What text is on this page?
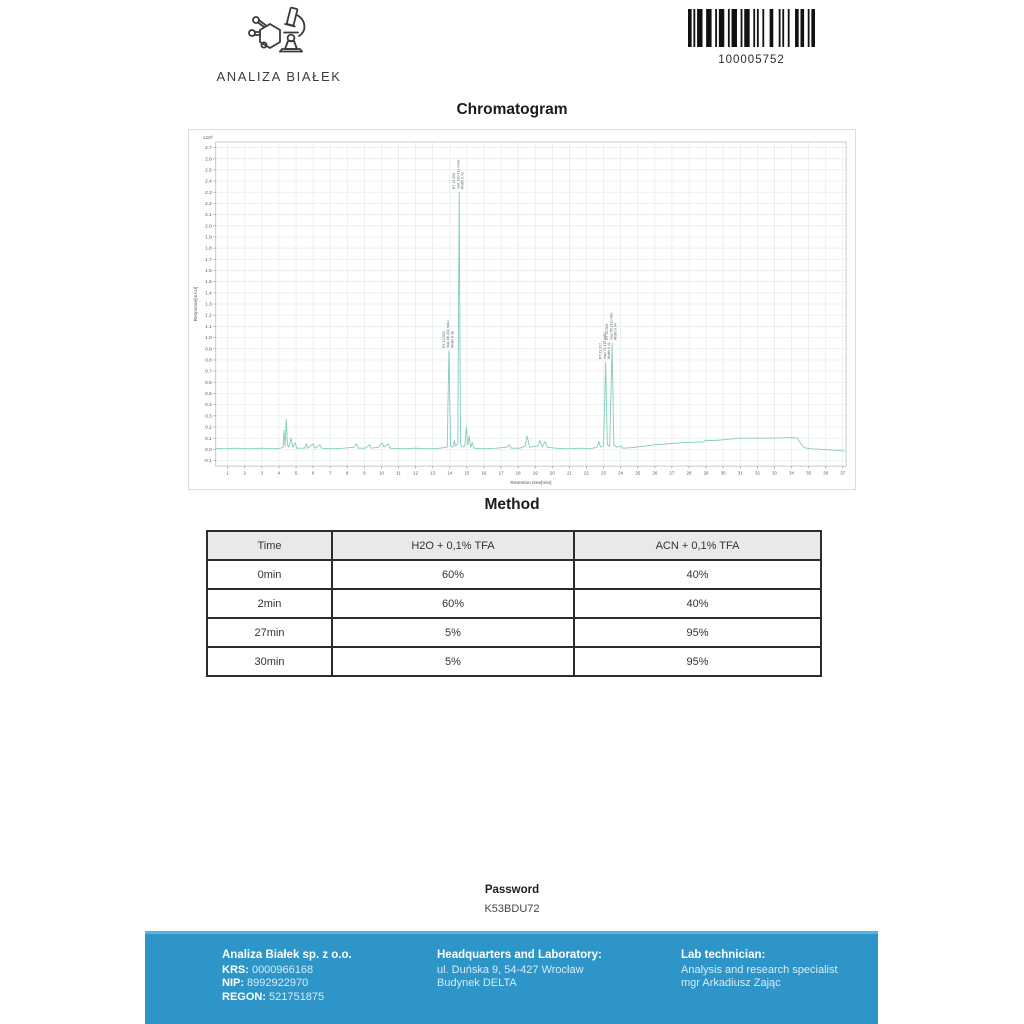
ANALIZA BIAŁEK
100005752
Chromatogram
1	2	3	4	5	6	7	8	9	10	11	12	13	14	15	16	17	18	19	20	21	22	23	24	25	26	27	28	29	30	31	32	33	34	35	36	37
-0.1
0.0
0.1
0.2
0.3
0.4
0.5
0.6
0.7
0.8
0.9
1.0
1.1
1.2
1.3
1.4
1.5
1.6
1.7
1.8
1.9
2.0
2.1
2.2
2.3
2.4
2.5
2.6
2.7
x10²
Retention time[min]
Response[mAU]
RT 13.953 max 88.402 mAU Width 0.38
RT 14.553 max 230.412 mAU Width 0.42
RT 23.117 max 78.115 mAU Width 0.41
RT 23.504 max 95.218 mAU Width 0.44
Method
Time	H2O + 0,1% TFA	ACN + 0,1% TFA
0min	60%	40%
2min	60%	40%
27min	5%	95%
30min	5%	95%
Password
K53BDU72
Analiza Białek sp. z o.o.
KRS: 0000966168
NIP: 8992922970
REGON: 521751875
Headquarters and Laboratory:
ul. Duńska 9, 54-427 Wrocław
Budynek DELTA
Lab technician:
Analysis and research specialist
mgr Arkadiusz Zając
